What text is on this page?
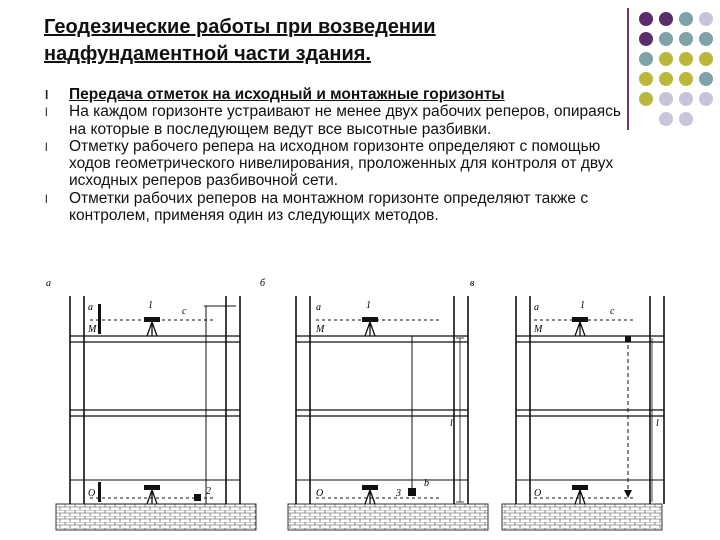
Геодезические работы при возведении
надфундаментной части здания.
l Передача отметок на исходный и монтажные горизонты
l На каждом горизонте устраивают не менее двух рабочих реперов, опираясь на которые в последующем ведут все высотные разбивки.
l Отметку рабочего репера на исходном горизонте определяют с помощью ходов геометрического нивелирования, проложенных для контроля от двух исходных реперов разбивочной сети.
l Отметки рабочих реперов на монтажном горизонте определяют также с контролем, применяя один из следующих методов.
а
a	1
c
M
O	2
б
a	1
M
O	3
l
b
в
a	1
c
M
O
l
